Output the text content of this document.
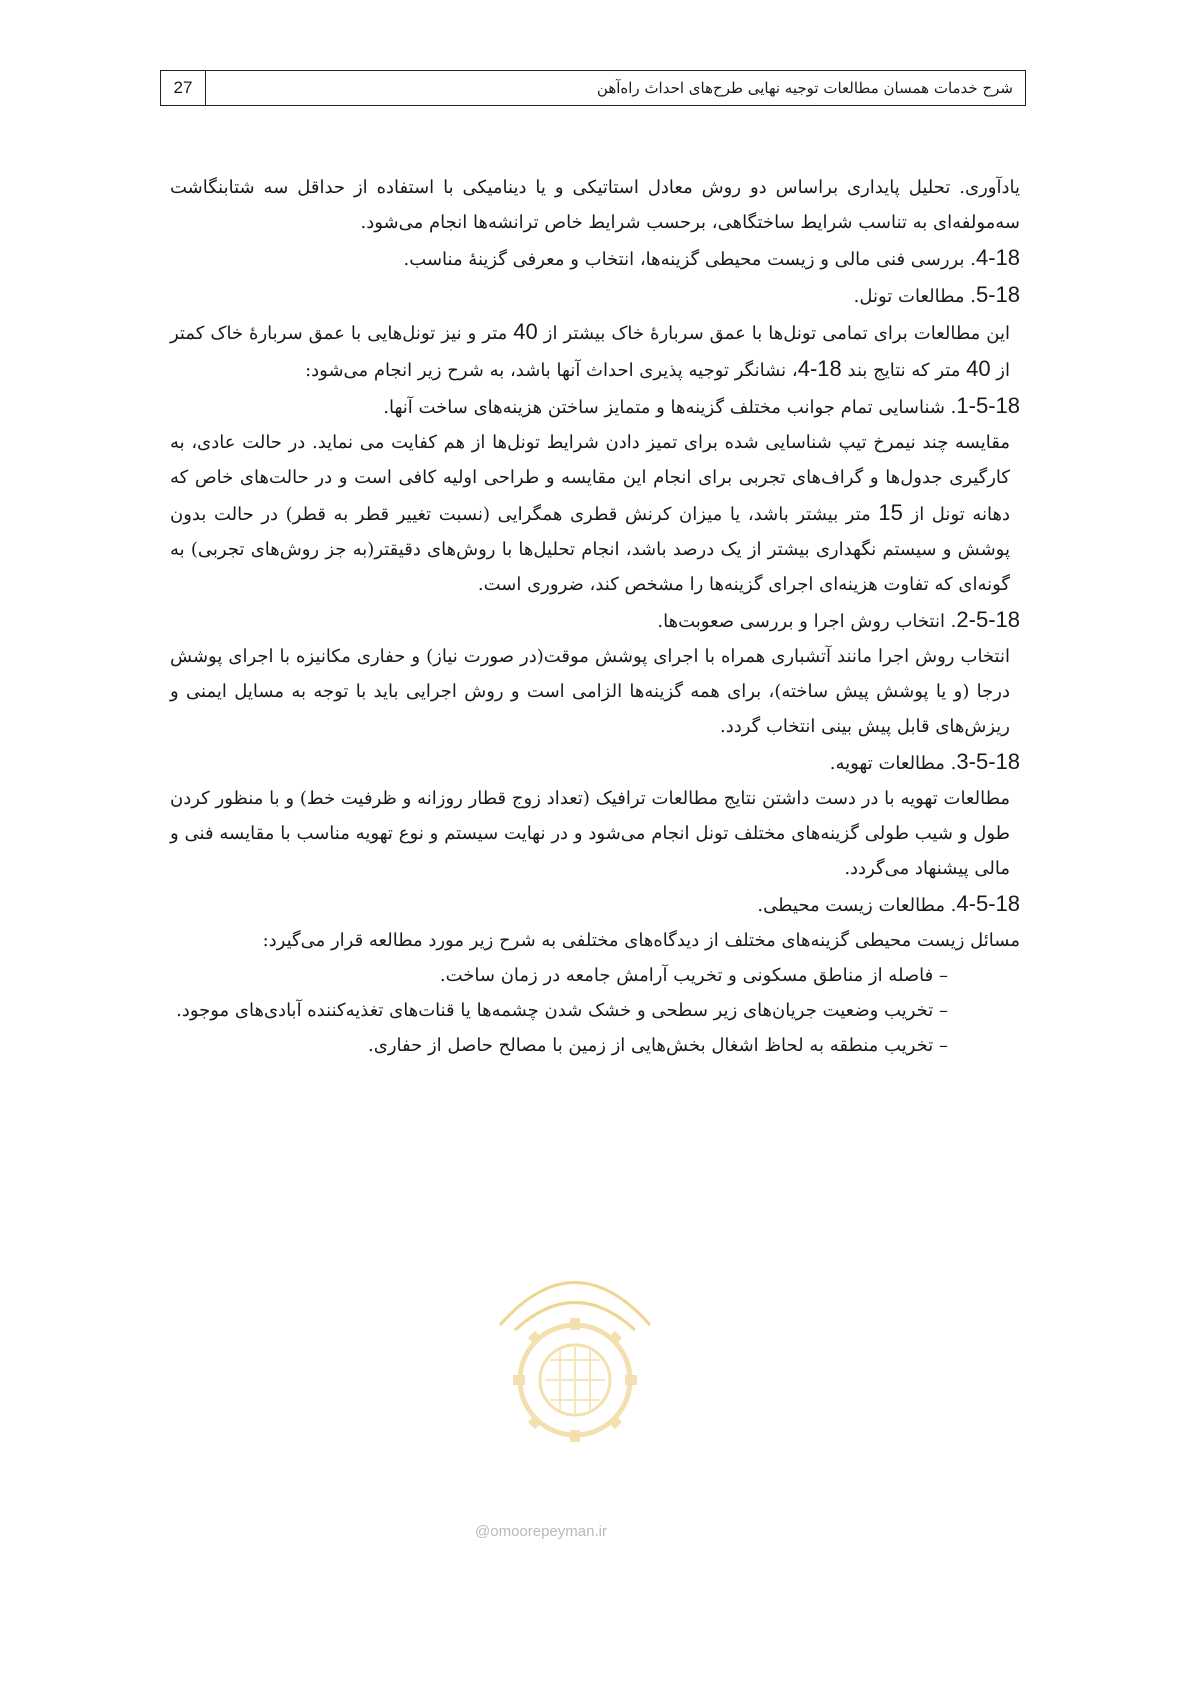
27	شرح خدمات همسان مطالعات توجیه نهایی طرح‌های احداث راه‌آهن

یادآوری. تحلیل پایداری براساس دو روش معادل استاتیکی و یا دینامیکی با استفاده از حداقل سه شتابنگاشت سه‌مولفه‌ای به تناسب شرایط ساختگاهی، برحسب شرایط خاص ترانشه‌ها انجام می‌شود.

4-18. بررسی فنی مالی و زیست محیطی گزینه‌ها، انتخاب و معرفی گزینهٔ مناسب.

5-18. مطالعات تونل.

این مطالعات برای تمامی تونل‌ها با عمق سربارهٔ خاک بیشتر از 40 متر و نیز تونل‌هایی با عمق سربارهٔ خاک کمتر از 40 متر که نتایج بند 4-18، نشانگر توجیه پذیری احداث آنها باشد، به شرح زیر انجام می‌شود:

1-5-18. شناسایی تمام جوانب مختلف گزینه‌ها و متمایز ساختن هزینه‌های ساخت آنها.

مقایسه چند نیمرخ تیپ شناسایی شده برای تمیز دادن شرایط تونل‌ها از هم کفایت می نماید. در حالت عادی، به کارگیری جدول‌ها و گراف‌های تجربی برای انجام این مقایسه و طراحی اولیه کافی است و در حالت‌های خاص که دهانه تونل از 15 متر بیشتر باشد، یا میزان کرنش قطری همگرایی (نسبت تغییر قطر به قطر) در حالت بدون پوشش و سیستم نگهداری بیشتر از یک درصد باشد، انجام تحلیل‌ها با روش‌های دقیقتر(به جز روش‌های تجربی) به گونه‌ای که تفاوت هزینه‌ای اجرای گزینه‌ها را مشخص کند، ضروری است.

2-5-18. انتخاب روش اجرا و بررسی صعوبت‌ها.

انتخاب روش اجرا مانند آتشباری همراه با اجرای پوشش موقت(در صورت نیاز) و حفاری مکانیزه با اجرای پوشش درجا (و یا پوشش پیش ساخته)، برای همه گزینه‌ها الزامی است و روش اجرایی باید با توجه به مسایل ایمنی و ریزش‌های قابل پیش بینی انتخاب گردد.

3-5-18. مطالعات تهویه.

مطالعات تهویه با در دست داشتن نتایج مطالعات ترافیک (تعداد زوج قطار روزانه و ظرفیت خط) و با منظور کردن طول و شیب طولی گزینه‌های مختلف تونل انجام می‌شود و در نهایت سیستم و نوع تهویه مناسب با مقایسه فنی و مالی پیشنهاد می‌گردد.

4-5-18. مطالعات زیست محیطی.

مسائل زیست محیطی گزینه‌های مختلف از دیدگاه‌های مختلفی به شرح زیر مورد مطالعه قرار می‌گیرد:

– فاصله از مناطق مسکونی و تخریب آرامش جامعه در زمان ساخت.

– تخریب وضعیت جریان‌های زیر سطحی و خشک شدن چشمه‌ها یا قنات‌های تغذیه‌کننده آبادی‌های موجود.

– تخریب منطقه به لحاظ اشغال بخش‌هایی از زمین با مصالح حاصل از حفاری.

@omoorepeyman.ir
